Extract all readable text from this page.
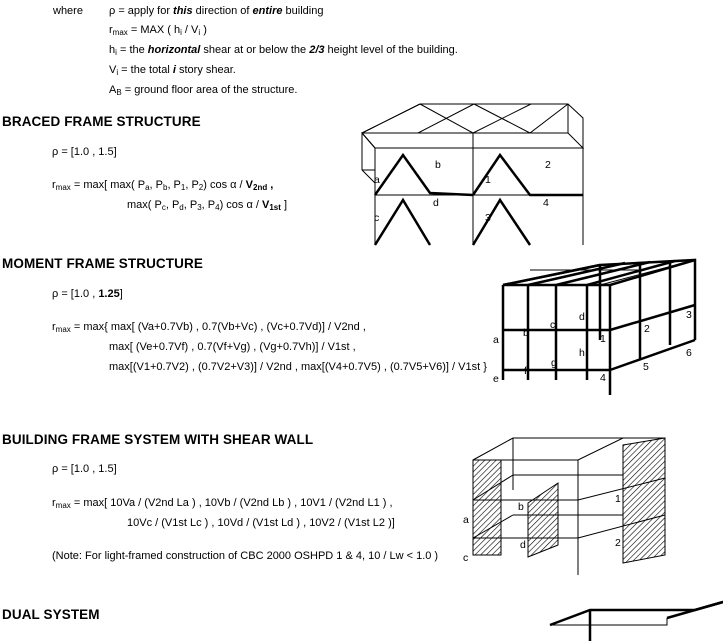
where ρ = apply for this direction of entire building
$r_{max}$ = MAX ( $h_i / V_i$ )
$h_i$ = the horizontal shear at or below the 2/3 height level of the building.
$V_i$ = the total i story shear.
$A_B$ = ground floor area of the structure.
BRACED FRAME STRUCTURE
ρ = [1.0 , 1.5]
$r_{max} = \max$[ max( $P_a$, $P_b$, $P_1$, $P_2$) cos α / $V_{2nd}$ ,
max( $P_c$, $P_d$, $P_3$, $P_4$) cos α / $V_{1st}$ ]
a
b
c
d
1
2
3
4
MOMENT FRAME STRUCTURE
ρ = [1.0 , 1.25]
$r_{max} = \max${ max[ (Va+0.7Vb) , 0.7(Vb+Vc) , (Vc+0.7Vd)] / V2nd ,
max[ (Ve+0.7Vf) , 0.7(Vf+Vg) , (Vg+0.7Vh)] / V1st ,
max[(V1+0.7V2) , (0.7V2+V3)] / V2nd , max[(V4+0.7V5) , (0.7V5+V6)] / V1st }
a
b
c
d
e
f
g
h
1
2
3
4
5
6
BUILDING FRAME SYSTEM WITH SHEAR WALL
ρ = [1.0 , 1.5]
$r_{max} = \max$[ 10Va / (V2nd La ) , 10Vb / (V2nd Lb ) , 10V1 / (V2nd L1 ) ,
10Vc / (V1st Lc ) , 10Vd / (V1st Ld ) , 10V2 / (V1st L2 )]
(Note: For light-framed construction of CBC 2000 OSHPD 1 & 4, 10 / Lw < 1.0 )
a
b
c
d
1
2
DUAL SYSTEM
